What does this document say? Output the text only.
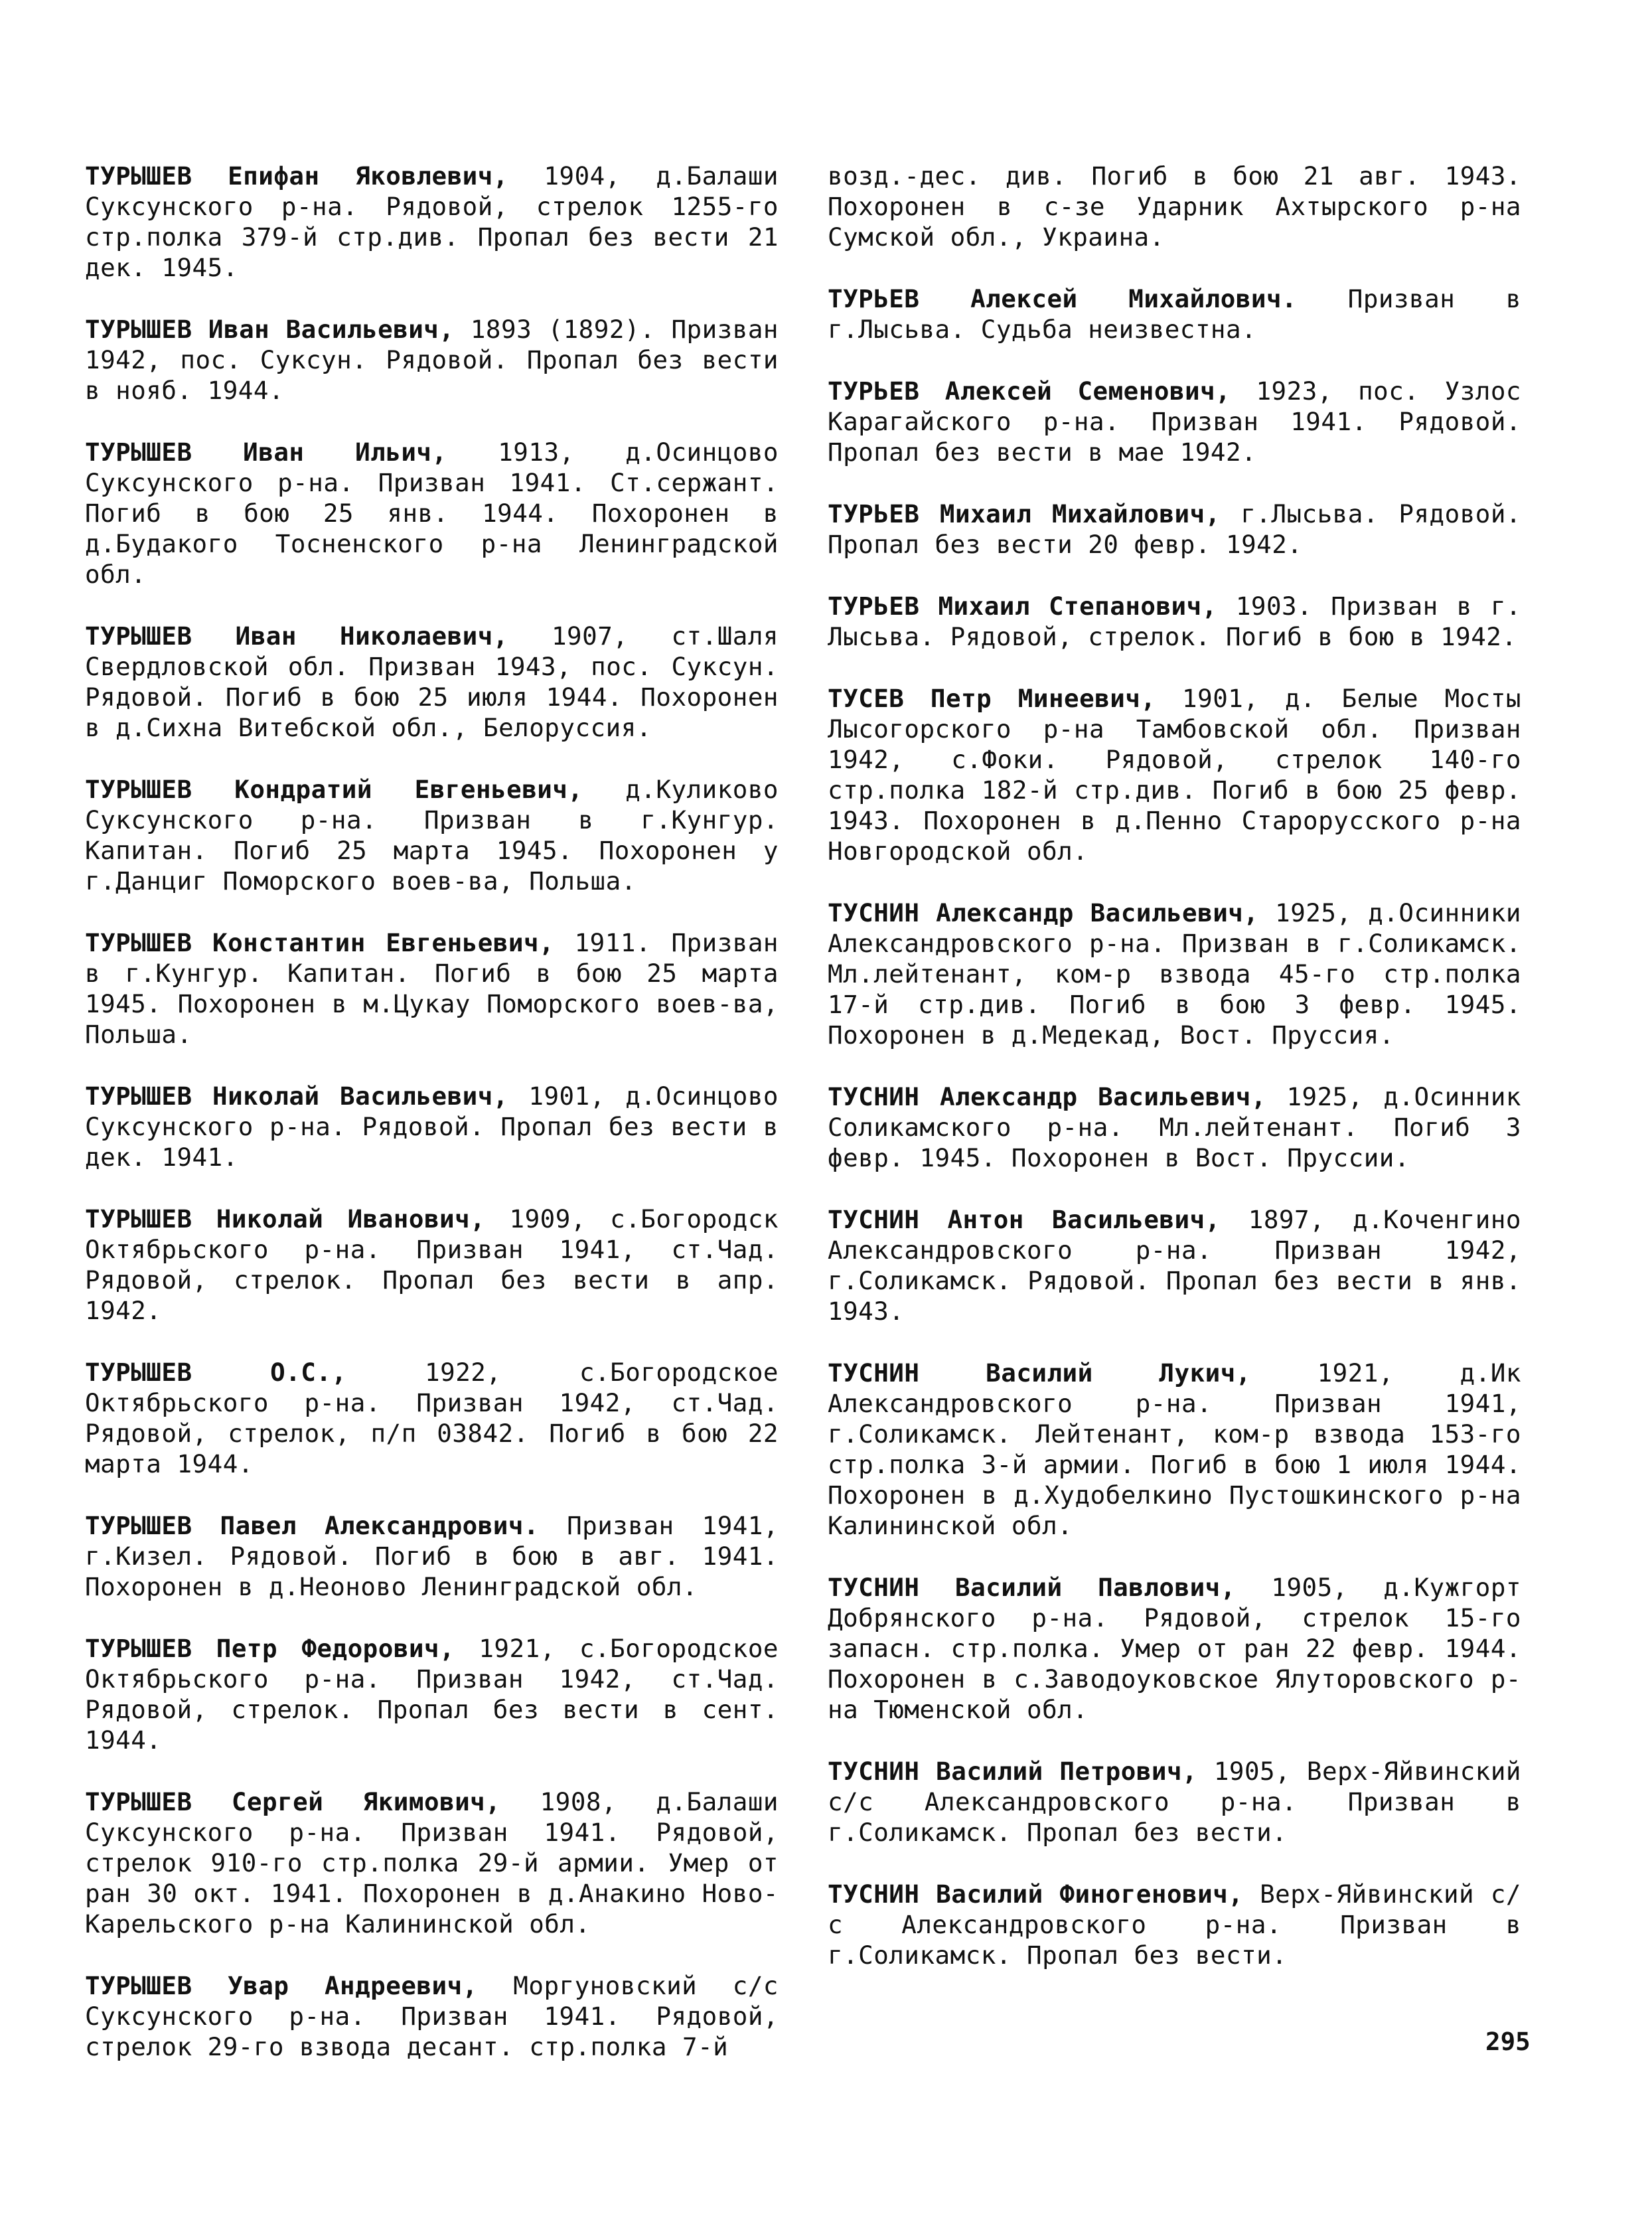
ТУРЫШЕВ Епифан Яковлевич, 1904, д.Балаши Суксунского р-на. Рядовой, стрелок 1255-го стр.полка 379-й стр.див. Пропал без вести 21 дек. 1945.

ТУРЫШЕВ Иван Васильевич, 1893 (1892). Призван 1942, пос. Суксун. Рядовой. Пропал без вести в нояб. 1944.

ТУРЫШЕВ Иван Ильич, 1913, д.Осинцово Суксунского р-на. Призван 1941. Ст.сержант. Погиб в бою 25 янв. 1944. Похоронен в д.Будакого Тосненского р-на Ленинградской обл.

ТУРЫШЕВ Иван Николаевич, 1907, ст.Шаля Свердловской обл. Призван 1943, пос. Суксун. Рядовой. Погиб в бою 25 июля 1944. Похоронен в д.Сихна Витебской обл., Белоруссия.

ТУРЫШЕВ Кондратий Евгеньевич, д.Куликово Суксунского р-на. Призван в г.Кунгур. Капитан. Погиб 25 марта 1945. Похоронен у г.Данциг Поморского воев-ва, Польша.

ТУРЫШЕВ Константин Евгеньевич, 1911. Призван в г.Кунгур. Капитан. Погиб в бою 25 марта 1945. Похоронен в м.Цукау Поморского воев-ва, Польша.

ТУРЫШЕВ Николай Васильевич, 1901, д.Осинцово Суксунского р-на. Рядовой. Пропал без вести в дек. 1941.

ТУРЫШЕВ Николай Иванович, 1909, с.Богородск Октябрьского р-на. Призван 1941, ст.Чад. Рядовой, стрелок. Пропал без вести в апр. 1942.

ТУРЫШЕВ О.С.,	1922, с.Богородское Октябрьского р-на. Призван 1942, ст.Чад. Рядовой, стрелок, п/п 03842. Погиб в бою 22 марта 1944.

ТУРЫШЕВ Павел Александрович. Призван 1941, г.Кизел. Рядовой. Погиб в бою в авг. 1941. Похоронен в д.Неоново Ленинградской обл.

ТУРЫШЕВ Петр Федорович, 1921, с.Богородское Октябрьского р-на. Призван 1942, ст.Чад. Рядовой, стрелок. Пропал без вести в сент. 1944.

ТУРЫШЕВ Сергей Якимович, 1908, д.Балаши Суксунского р-на. Призван 1941. Рядовой, стрелок 910-го стр.полка 29-й армии. Умер от ран 30 окт. 1941. Похоронен в д.Анакино Ново-Карельского р-на Калининской обл.

ТУРЫШЕВ Увар Андреевич, Моргуновский с/с Суксунского р-на. Призван 1941. Рядовой, стрелок 29-го взвода десант. стр.полка 7-й

возд.-дес. див. Погиб в бою 21 авг. 1943. Похоронен в с-зе Ударник Ахтырского р-на Сумской обл., Украина.

ТУРЬЕВ Алексей Михайлович. Призван в г.Лысьва. Судьба неизвестна.

ТУРЬЕВ Алексей Семенович, 1923, пос. Узлос Карагайского р-на. Призван 1941. Рядовой. Пропал без вести в мае 1942.

ТУРЬЕВ Михаил Михайлович, г.Лысьва. Рядовой. Пропал без вести 20 февр. 1942.

ТУРЬЕВ Михаил Степанович, 1903. Призван в г. Лысьва. Рядовой, стрелок. Погиб в бою в 1942.

ТУСЕВ Петр Минеевич, 1901, д. Белые Мосты Лысогорского р-на Тамбовской обл. Призван 1942, с.Фоки. Рядовой, стрелок 140-го стр.полка 182-й стр.див. Погиб в бою 25 февр. 1943. Похоронен в д.Пенно Старорусского р-на Новгородской обл.

ТУСНИН Александр Васильевич, 1925, д.Осинники Александровского р-на. Призван в г.Соликамск. Мл.лейтенант, ком-р взвода 45-го стр.полка 17-й стр.див. Погиб в бою 3 февр. 1945. Похоронен в д.Медекад, Вост. Пруссия.

ТУСНИН Александр Васильевич, 1925, д.Осинник Соликамского р-на. Мл.лейтенант. Погиб 3 февр. 1945. Похоронен в Вост. Пруссии.

ТУСНИН Антон Васильевич, 1897, д.Коченгино Александровского р-на. Призван 1942, г.Соликамск. Рядовой. Пропал без вести в янв. 1943.

ТУСНИН Василий Лукич,	1921, д.Ик Александровского р-на. Призван 1941, г.Соликамск. Лейтенант, ком-р взвода 153-го стр.полка 3-й армии. Погиб в бою 1 июля 1944. Похоронен в д.Худобелкино Пустошкинского р-на Калининской обл.

ТУСНИН Василий Павлович, 1905, д.Кужгорт Добрянского р-на. Рядовой, стрелок 15-го запасн. стр.полка. Умер от ран 22 февр. 1944. Похоронен в с.Заводоуковское Ялуторовского р-на Тюменской обл.

ТУСНИН Василий Петрович, 1905, Верх-Яйвинский с/с Александровского р-на. Призван в г.Соликамск. Пропал без вести.

ТУСНИН Василий Финогенович, Верх-Яйвинский с/с Александровского р-на. Призван в г.Соликамск. Пропал без вести.

295
